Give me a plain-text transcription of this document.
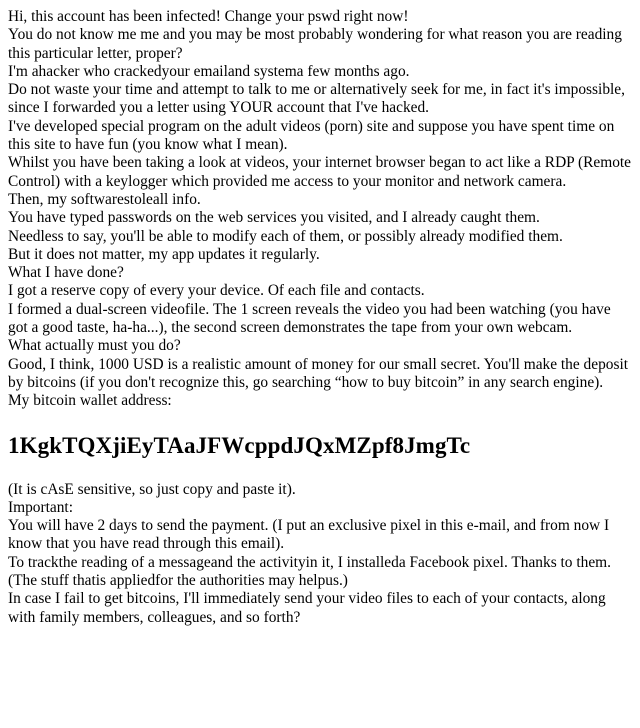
Hi, this account has been infected! Change your pswd right now!

You do not know me me and you may be most probably wondering for what reason you are reading this particular letter, proper?

I'm ahacker who crackedyour emailand systema few months ago.

Do not waste your time and attempt to talk to me or alternatively seek for me, in fact it's impossible, since I forwarded you a letter using YOUR account that I've hacked.

I've developed special program on the adult videos (porn) site and suppose you have spent time on this site to have fun (you know what I mean).

Whilst you have been taking a look at videos, your internet browser began to act like a RDP (Remote Control) with a keylogger which provided me access to your monitor and network camera.

Then, my softwarestoleall info.

You have typed passwords on the web services you visited, and I already caught them.

Needless to say, you'll be able to modify each of them, or possibly already modified them.

But it does not matter, my app updates it regularly.

What I have done?

I got a reserve copy of every your device. Of each file and contacts.

I formed a dual-screen videofile. The 1 screen reveals the video you had been watching (you have got a good taste, ha-ha...), the second screen demonstrates the tape from your own webcam.

What actually must you do?

Good, I think, 1000 USD is a realistic amount of money for our small secret. You'll make the deposit by bitcoins (if you don't recognize this, go searching “how to buy bitcoin” in any search engine).

My bitcoin wallet address:

1KgkTQXjiEyTAaJFWcppdJQxMZpf8JmgTc

(It is cAsE sensitive, so just copy and paste it).

Important:

You will have 2 days to send the payment. (I put an exclusive pixel in this e-mail, and from now I know that you have read through this email).

To trackthe reading of a messageand the activityin it, I installeda Facebook pixel. Thanks to them. (The stuff thatis appliedfor the authorities may helpus.)

In case I fail to get bitcoins, I'll immediately send your video files to each of your contacts, along with family members, colleagues, and so forth?
